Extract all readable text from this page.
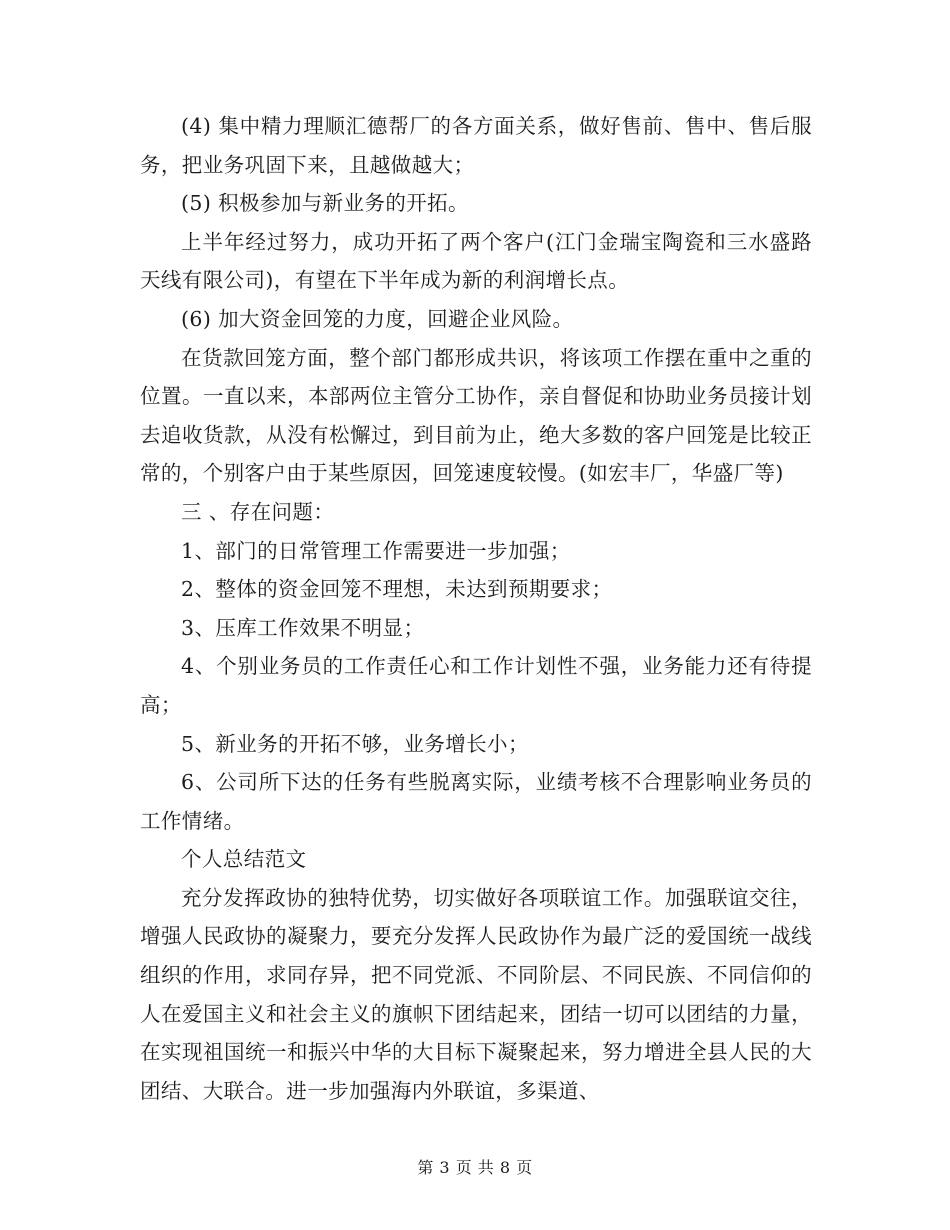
(4) 集中精力理顺汇德帮厂的各方面关系，做好售前、售中、售后服务，把业务巩固下来，且越做越大；

(5) 积极参加与新业务的开拓。

上半年经过努力，成功开拓了两个客户(江门金瑞宝陶瓷和三水盛路天线有限公司)，有望在下半年成为新的利润增长点。

(6) 加大资金回笼的力度，回避企业风险。

在货款回笼方面，整个部门都形成共识，将该项工作摆在重中之重的位置。一直以来，本部两位主管分工协作，亲自督促和协助业务员接计划去追收货款，从没有松懈过，到目前为止，绝大多数的客户回笼是比较正常的，个别客户由于某些原因，回笼速度较慢。(如宏丰厂，华盛厂等)

三 、存在问题：

1、部门的日常管理工作需要进一步加强；

2、整体的资金回笼不理想，未达到预期要求；

3、压库工作效果不明显；

4、个别业务员的工作责任心和工作计划性不强，业务能力还有待提高；

5、新业务的开拓不够，业务增长小；

6、公司所下达的任务有些脱离实际，业绩考核不合理影响业务员的工作情绪。

个人总结范文

充分发挥政协的独特优势，切实做好各项联谊工作。加强联谊交往，增强人民政协的凝聚力，要充分发挥人民政协作为最广泛的爱国统一战线组织的作用，求同存异，把不同党派、不同阶层、不同民族、不同信仰的人在爱国主义和社会主义的旗帜下团结起来，团结一切可以团结的力量，在实现祖国统一和振兴中华的大目标下凝聚起来，努力增进全县人民的大团结、大联合。进一步加强海内外联谊，多渠道、

第 3 页 共 8 页
